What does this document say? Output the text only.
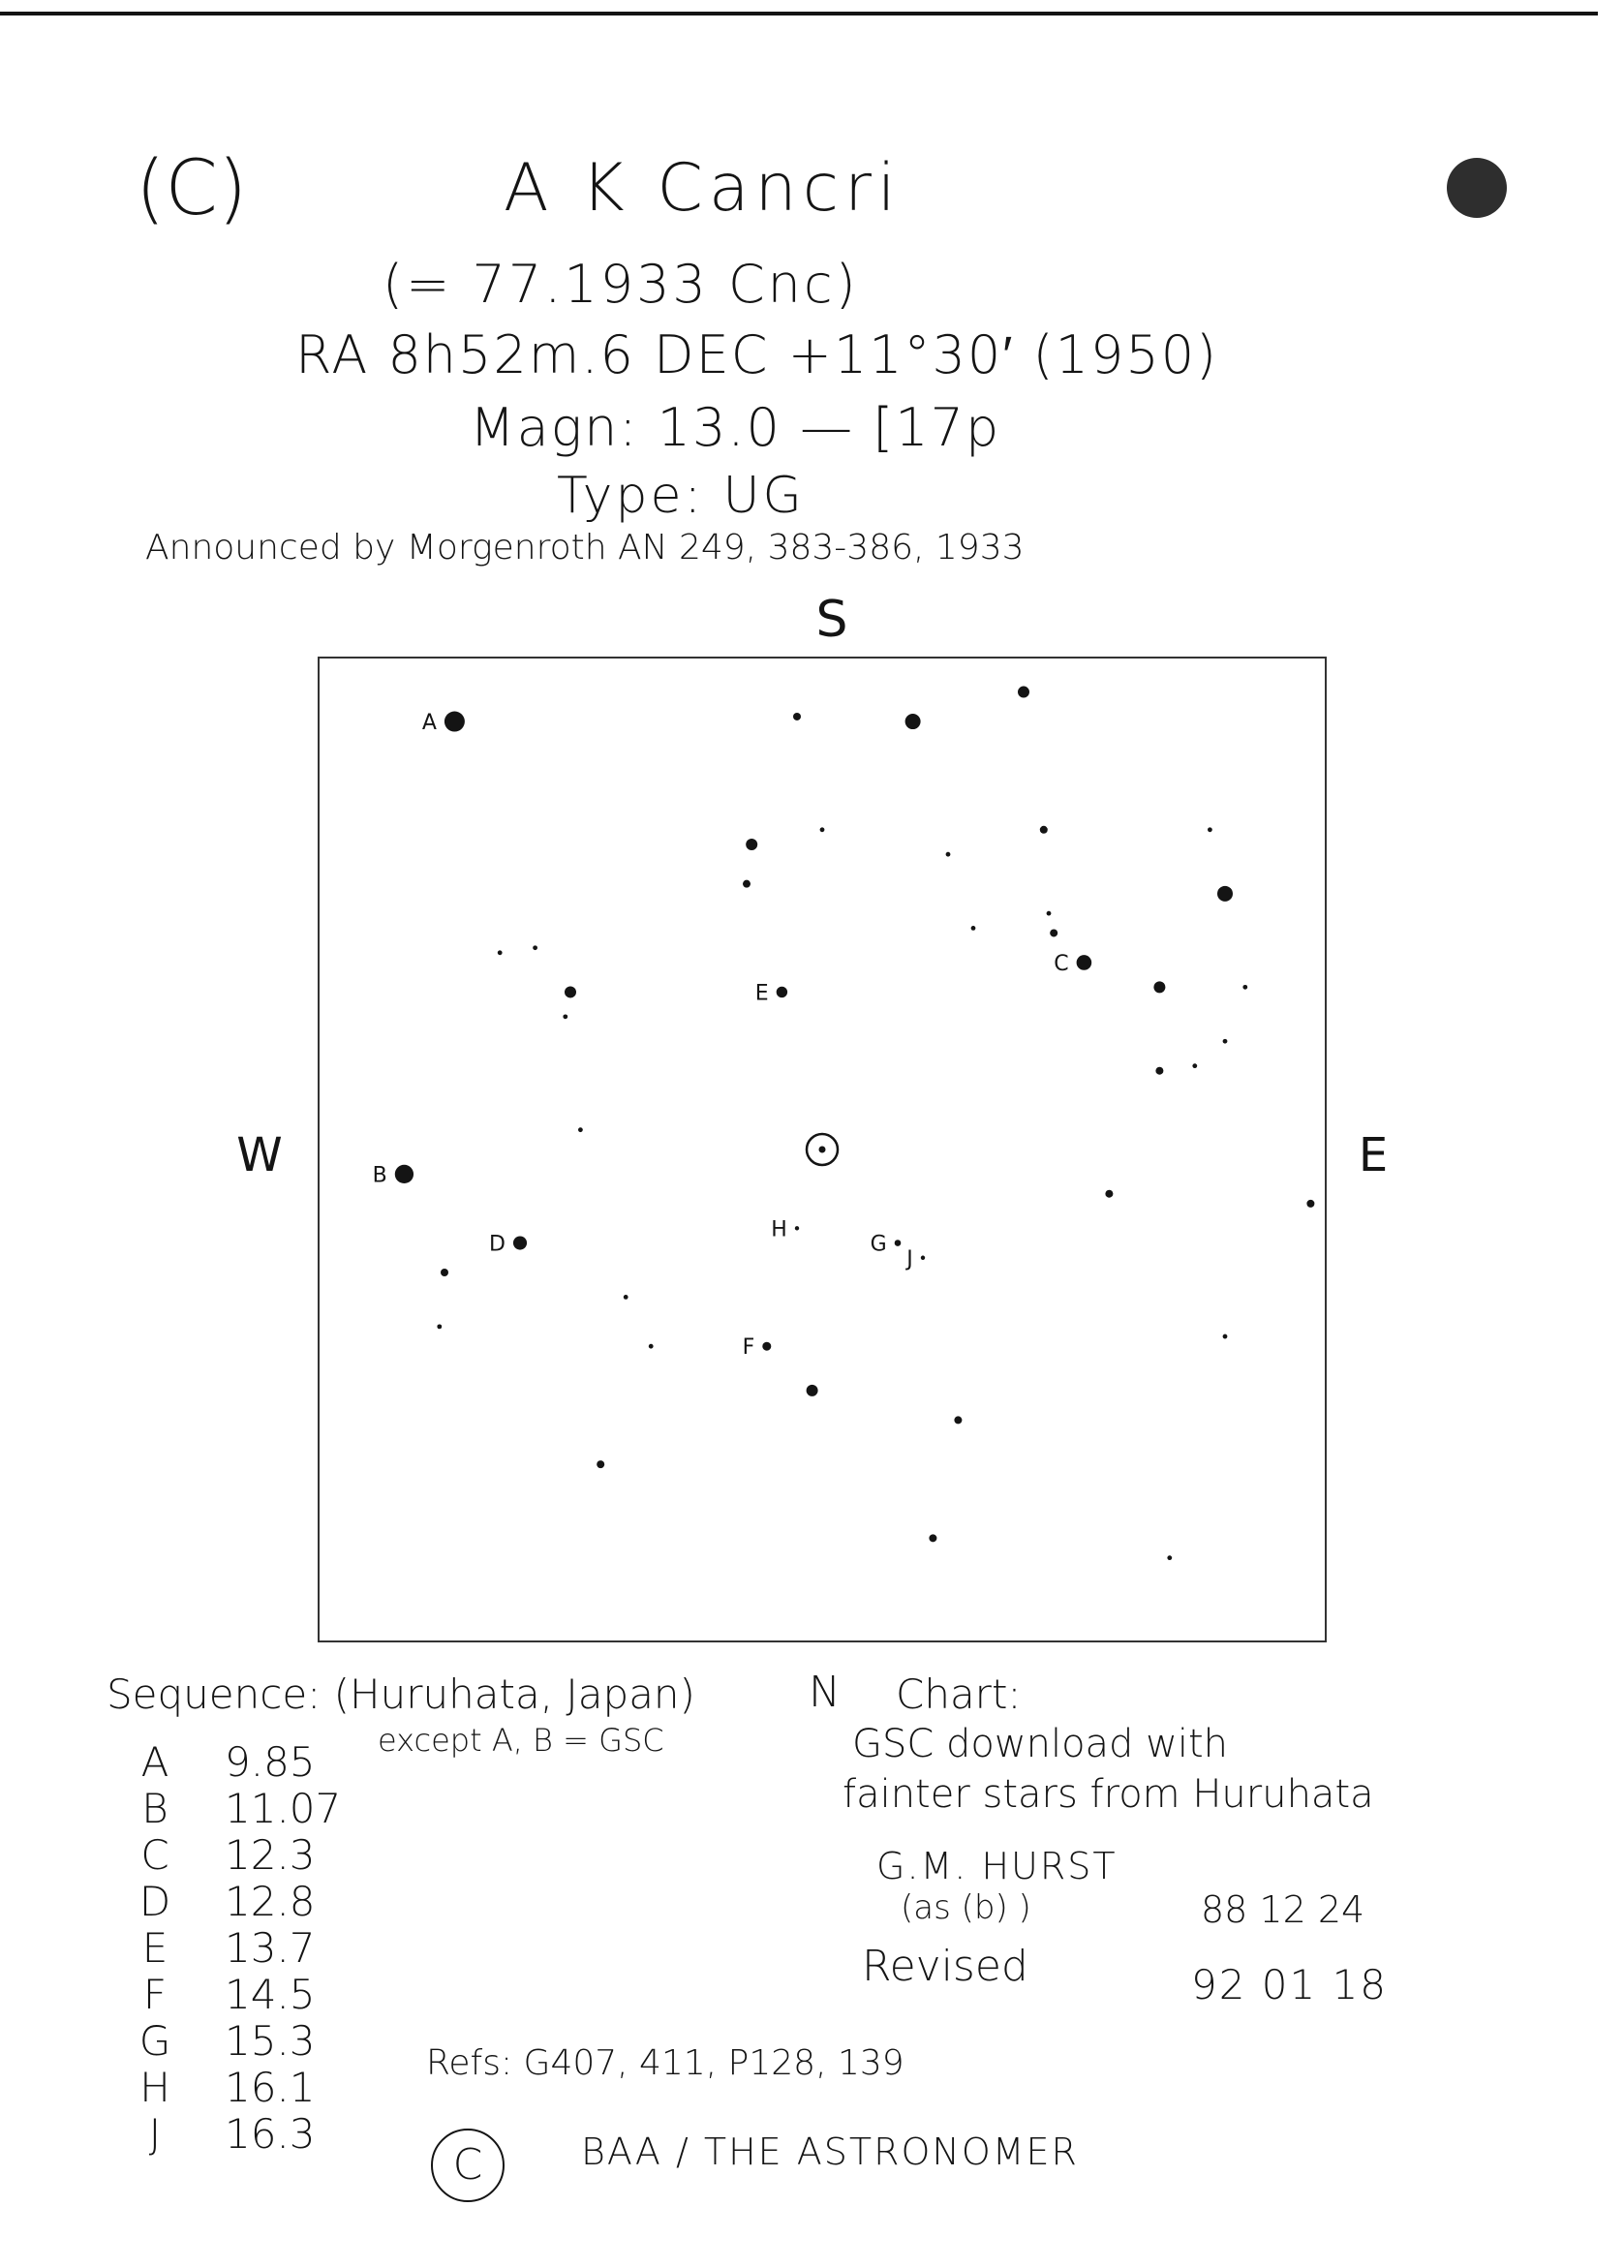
(C)	A K Cancri
(= 77.1933 Cnc)
RA 8h52m.6 DEC +11°30′ (1950)
Magn: 13.0 — [17p
Type: UG
Announced by Morgenroth AN 249, 383-386, 1933
S
W	E
A
B
C
D
E
F
G
H
J
Sequence: (Huruhata, Japan)
except A, B = GSC
A	9.85
B	11.07
C	12.3
D	12.8
E	13.7
F	14.5
G	15.3
H	16.1
J	16.3
N Chart:
GSC download with
fainter stars from Huruhata
G.M. HURST
(as (b) )	88 12 24
Revised	92 01 18
Refs: G407, 411, P128, 139
C	BAA / THE ASTRONOMER
